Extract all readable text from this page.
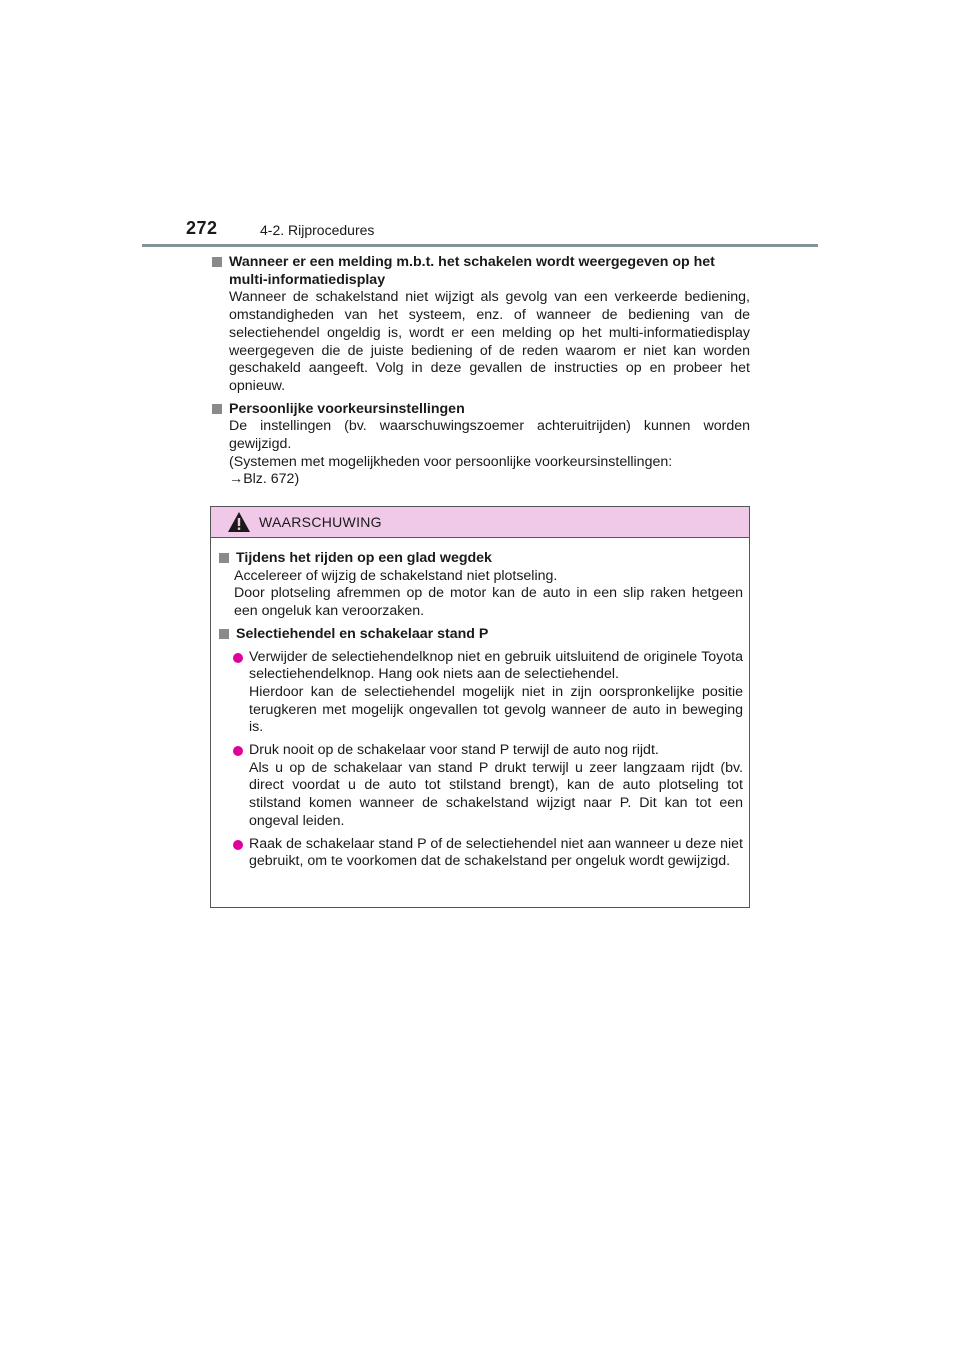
272	4-2. Rijprocedures
Wanneer er een melding m.b.t. het schakelen wordt weergegeven op het multi-informatiedisplay

Wanneer de schakelstand niet wijzigt als gevolg van een verkeerde bediening, omstandigheden van het systeem, enz. of wanneer de bediening van de selectiehendel ongeldig is, wordt er een melding op het multi-informatiedisplay weergegeven die de juiste bediening of de reden waarom er niet kan worden geschakeld aangeeft. Volg in deze gevallen de instructies op en probeer het opnieuw.

Persoonlijke voorkeursinstellingen

De instellingen (bv. waarschuwingszoemer achteruitrijden) kunnen worden gewijzigd.

(Systemen met mogelijkheden voor persoonlijke voorkeursinstellingen:

→Blz. 672)

WAARSCHUWING
Tijdens het rijden op een glad wegdek

Accelereer of wijzig de schakelstand niet plotseling.

Door plotseling afremmen op de motor kan de auto in een slip raken hetgeen een ongeluk kan veroorzaken.

Selectiehendel en schakelaar stand P

Verwijder de selectiehendelknop niet en gebruik uitsluitend de originele Toyota selectiehendelknop. Hang ook niets aan de selectiehendel.

Hierdoor kan de selectiehendel mogelijk niet in zijn oorspronkelijke positie terugkeren met mogelijk ongevallen tot gevolg wanneer de auto in beweging is.

Druk nooit op de schakelaar voor stand P terwijl de auto nog rijdt.

Als u op de schakelaar van stand P drukt terwijl u zeer langzaam rijdt (bv. direct voordat u de auto tot stilstand brengt), kan de auto plotseling tot stilstand komen wanneer de schakelstand wijzigt naar P. Dit kan tot een ongeval leiden.

Raak de schakelaar stand P of de selectiehendel niet aan wanneer u deze niet gebruikt, om te voorkomen dat de schakelstand per ongeluk wordt gewijzigd.
